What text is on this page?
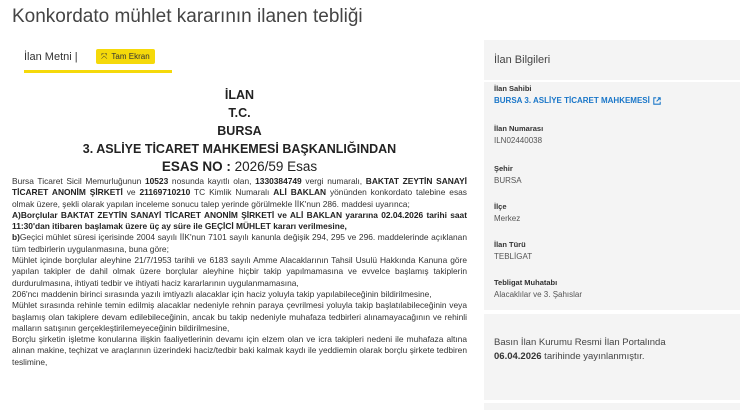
Konkordato mühlet kararının ilanen tebliği
İlan Metni |	⤧ Tam Ekran
İLAN
T.C.
BURSA
3. ASLİYE TİCARET MAHKEMESİ BAŞKANLIĞINDAN
ESAS NO : 2026/59 Esas

Bursa Ticaret Sicil Memurluğunun 10523 nosunda kayıtlı olan, 1330384749 vergi numaralı, BAKTAT ZEYTİN SANAYİ TİCARET ANONİM ŞİRKETİ ve 21169710210 TC Kimlik Numaralı ALİ BAKLAN yönünden konkordato talebine esas olmak üzere, şekli olarak yapılan inceleme sonucu talep yerinde görülmekle İİK'nun 286. maddesi uyarınca;

A)Borçlular BAKTAT ZEYTİN SANAYİ TİCARET ANONİM ŞİRKETİ ve ALİ BAKLAN yararına 02.04.2026 tarihi saat 11:30'dan itibaren başlamak üzere üç ay süre ile GEÇİCİ MÜHLET kararı verilmesine,

b)Geçici mühlet süresi içerisinde 2004 sayılı İİK'nun 7101 sayılı kanunla değişik 294, 295 ve 296. maddelerinde açıklanan tüm tedbirlerin uygulanmasına, buna göre;

Mühlet içinde borçlular aleyhine 21/7/1953 tarihli ve 6183 sayılı Amme Alacaklarının Tahsil Usulü Hakkında Kanuna göre yapılan takipler de dahil olmak üzere borçlular aleyhine hiçbir takip yapılmamasına ve evvelce başlamış takiplerin durdurulmasına, ihtiyati tedbir ve ihtiyati haciz kararlarının uygulanmamasına,

206'ncı maddenin birinci sırasında yazılı imtiyazlı alacaklar için haciz yoluyla takip yapılabileceğinin bildirilmesine,

Mühlet sırasında rehinle temin edilmiş alacaklar nedeniyle rehnin paraya çevrilmesi yoluyla takip başlatılabileceğinin veya başlamış olan takiplere devam edilebileceğinin, ancak bu takip nedeniyle muhafaza tedbirleri alınamayacağının ve rehinli malların satışının gerçekleştirilemeyeceğinin bildirilmesine,

Borçlu şirketin işletme konularına ilişkin faaliyetlerinin devamı için elzem olan ve icra takipleri nedeni ile muhafaza altına alınan makine, teçhizat ve araçlarının üzerindeki haciz/tedbir baki kalmak kaydı ile yeddiemin olarak borçlu şirkete tedbiren teslimine,

İlan Bilgileri
İlan Sahibi
BURSA 3. ASLİYE TİCARET MAHKEMESİ
İlan Numarası
ILN02440038
Şehir
BURSA
İlçe
Merkez
İlan Türü
TEBLİGAT
Tebligat Muhatabı
Alacaklılar ve 3. Şahıslar
Basın İlan Kurumu Resmi İlan Portalında
06.04.2026 tarihinde yayınlanmıştır.
